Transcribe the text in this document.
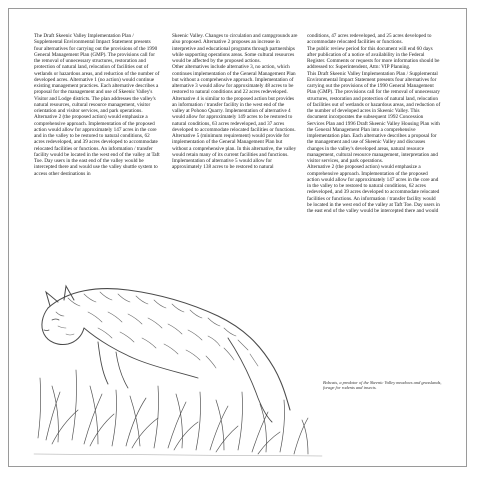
The Draft Skeenic Valley Implementation Plan / Supplemental Environmental Impact Statement presents four alternatives for carrying out the provisions of the 1990 General Management Plan (GMP). The provisions call for the removal of unnecessary structures, restoration and protection of natural land, relocation of facilities out of wetlands or hazardous areas, and reduction of the number of developed acres. Alternative 1 (no action) would continue existing management practices. Each alternative describes a proposal for the management and use of Skeenic Valley's Visitor and Lodge districts. The plan addresses the valley's natural resources, cultural resource management, visitor orientation and visitor services, and park operations.

Alternative 2 (the proposed action) would emphasize a comprehensive approach. Implementation of the proposed action would allow for approximately 147 acres in the core and in the valley to be restored to natural conditions, 62 acres redeveloped, and 39 acres developed to accommodate relocated facilities or functions. An information / transfer facility would be located in the west end of the valley at Taft Toe. Day users in the east end of the valley would be intercepted there and would use the valley shuttle system to access other destinations in

Skeenic Valley. Changes to circulation and campgrounds are also proposed. Alternative 2 proposes an increase in interpretive and educational programs through partnerships while supporting operations areas. Some cultural resources would be affected by the proposed actions.

Other alternatives include alternative 3, no action, which continues implementation of the General Management Plan but without a comprehensive approach. Implementation of alternative 3 would allow for approximately 48 acres to be restored to natural conditions and 22 acres redeveloped. Alternative 4 is similar to the proposed action but provides an information / transfer facility in the west end of the valley at Pohono Quarry. Implementation of alternative 4 would allow for approximately 149 acres to be restored to natural conditions, 63 acres redeveloped, and 37 acres developed to accommodate relocated facilities or functions. Alternative 5 (minimum requirement) would provide for implementation of the General Management Plan but without a comprehensive plan. In this alternative, the valley would retain many of its current facilities and functions. Implementation of alternative 5 would allow for approximately 138 acres to be restored to natural

conditions, 47 acres redeveloped, and 25 acres developed to accommodate relocated facilities or functions.

The public review period for this document will end 60 days after publication of a notice of availability in the Federal Register. Comments or requests for more information should be addressed to: Superintendent, Attn: VIP Planning.

This Draft Skeenic Valley Implementation Plan / Supplemental Environmental Impact Statement presents four alternatives for carrying out the provisions of the 1990 General Management Plan (GMP). The provisions call for the removal of unnecessary structures, restoration and protection of natural land, relocation of facilities out of wetlands or hazardous areas, and reduction of the number of developed acres in Skeenic Valley. This document incorporates the subsequent 1992 Concession Services Plan and 1996 Draft Skeenic Valley Housing Plan with the General Management Plan into a comprehensive implementation plan. Each alternative describes a proposal for the management and use of Skeenic Valley and discusses changes in the valley's developed areas, natural resource management, cultural resource management, interpretation and visitor services, and park operations.

Alternative 2 (the proposed action) would emphasize a comprehensive approach. Implementation of the proposed action would allow for approximately 147 acres in the core and in the valley to be restored to natural conditions, 62 acres redeveloped, and 39 acres developed to accommodate relocated facilities or functions. An information / transfer facility would be located in the west end of the valley at Taft Toe. Day users in the east end of the valley would be intercepted there and would

Bobcats, a predator of the Skeenic Valley meadows and grasslands, forage for rodents and insects.
